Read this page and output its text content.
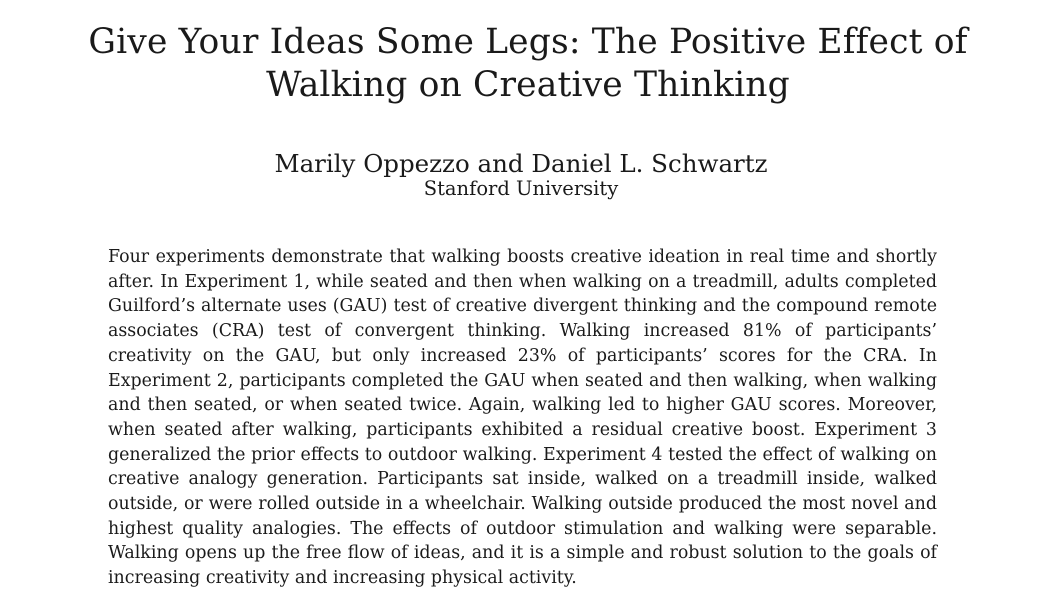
Give Your Ideas Some Legs: The Positive Effect of Walking on Creative Thinking
Marily Oppezzo and Daniel L. Schwartz
Stanford University

Four experiments demonstrate that walking boosts creative ideation in real time and shortly after. In Experiment 1, while seated and then when walking on a treadmill, adults completed Guilford’s alternate uses (GAU) test of creative divergent thinking and the compound remote associates (CRA) test of convergent thinking. Walking increased 81% of participants’ creativity on the GAU, but only increased 23% of participants’ scores for the CRA. In Experiment 2, participants completed the GAU when seated and then walking, when walking and then seated, or when seated twice. Again, walking led to higher GAU scores. Moreover, when seated after walking, participants exhibited a residual creative boost. Experiment 3 generalized the prior effects to outdoor walking. Experiment 4 tested the effect of walking on creative analogy generation. Participants sat inside, walked on a treadmill inside, walked outside, or were rolled outside in a wheelchair. Walking outside produced the most novel and highest quality analogies. The effects of outdoor stimulation and walking were separable. Walking opens up the free flow of ideas, and it is a simple and robust solution to the goals of increasing creativity and increasing physical activity.
